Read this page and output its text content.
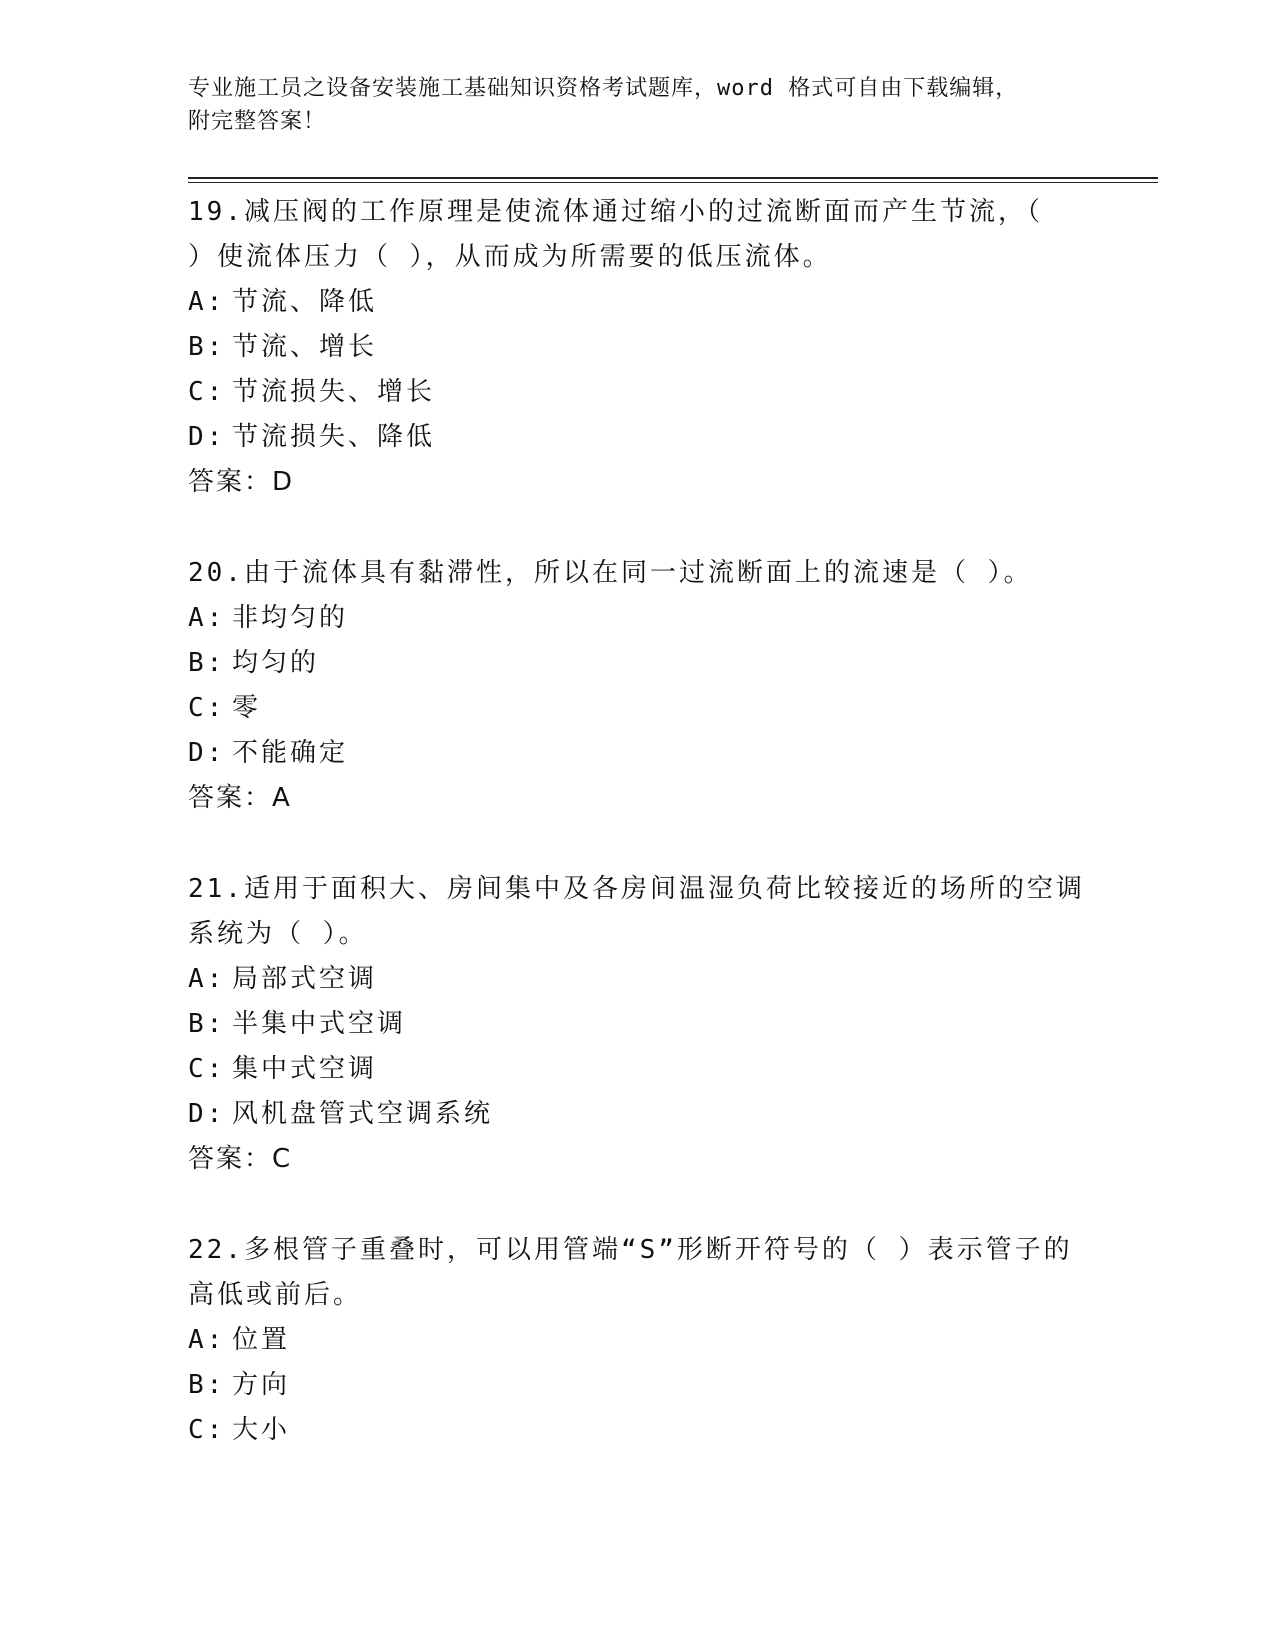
专业施工员之设备安装施工基础知识资格考试题库，word 格式可自由下载编辑，
附完整答案！
19.减压阀的工作原理是使流体通过缩小的过流断面而产生节流，（
）使流体压力（ ），从而成为所需要的低压流体。
A: 节流、降低
B: 节流、增长
C: 节流损失、增长
D: 节流损失、降低
答案：D
20.由于流体具有黏滞性，所以在同一过流断面上的流速是（ ）。
A: 非均匀的
B: 均匀的
C: 零
D: 不能确定
答案：A
21.适用于面积大、房间集中及各房间温湿负荷比较接近的场所的空调
系统为（ ）。
A: 局部式空调
B: 半集中式空调
C: 集中式空调
D: 风机盘管式空调系统
答案：C
22.多根管子重叠时，可以用管端“S”形断开符号的（ ）表示管子的
高低或前后。
A: 位置
B: 方向
C: 大小
